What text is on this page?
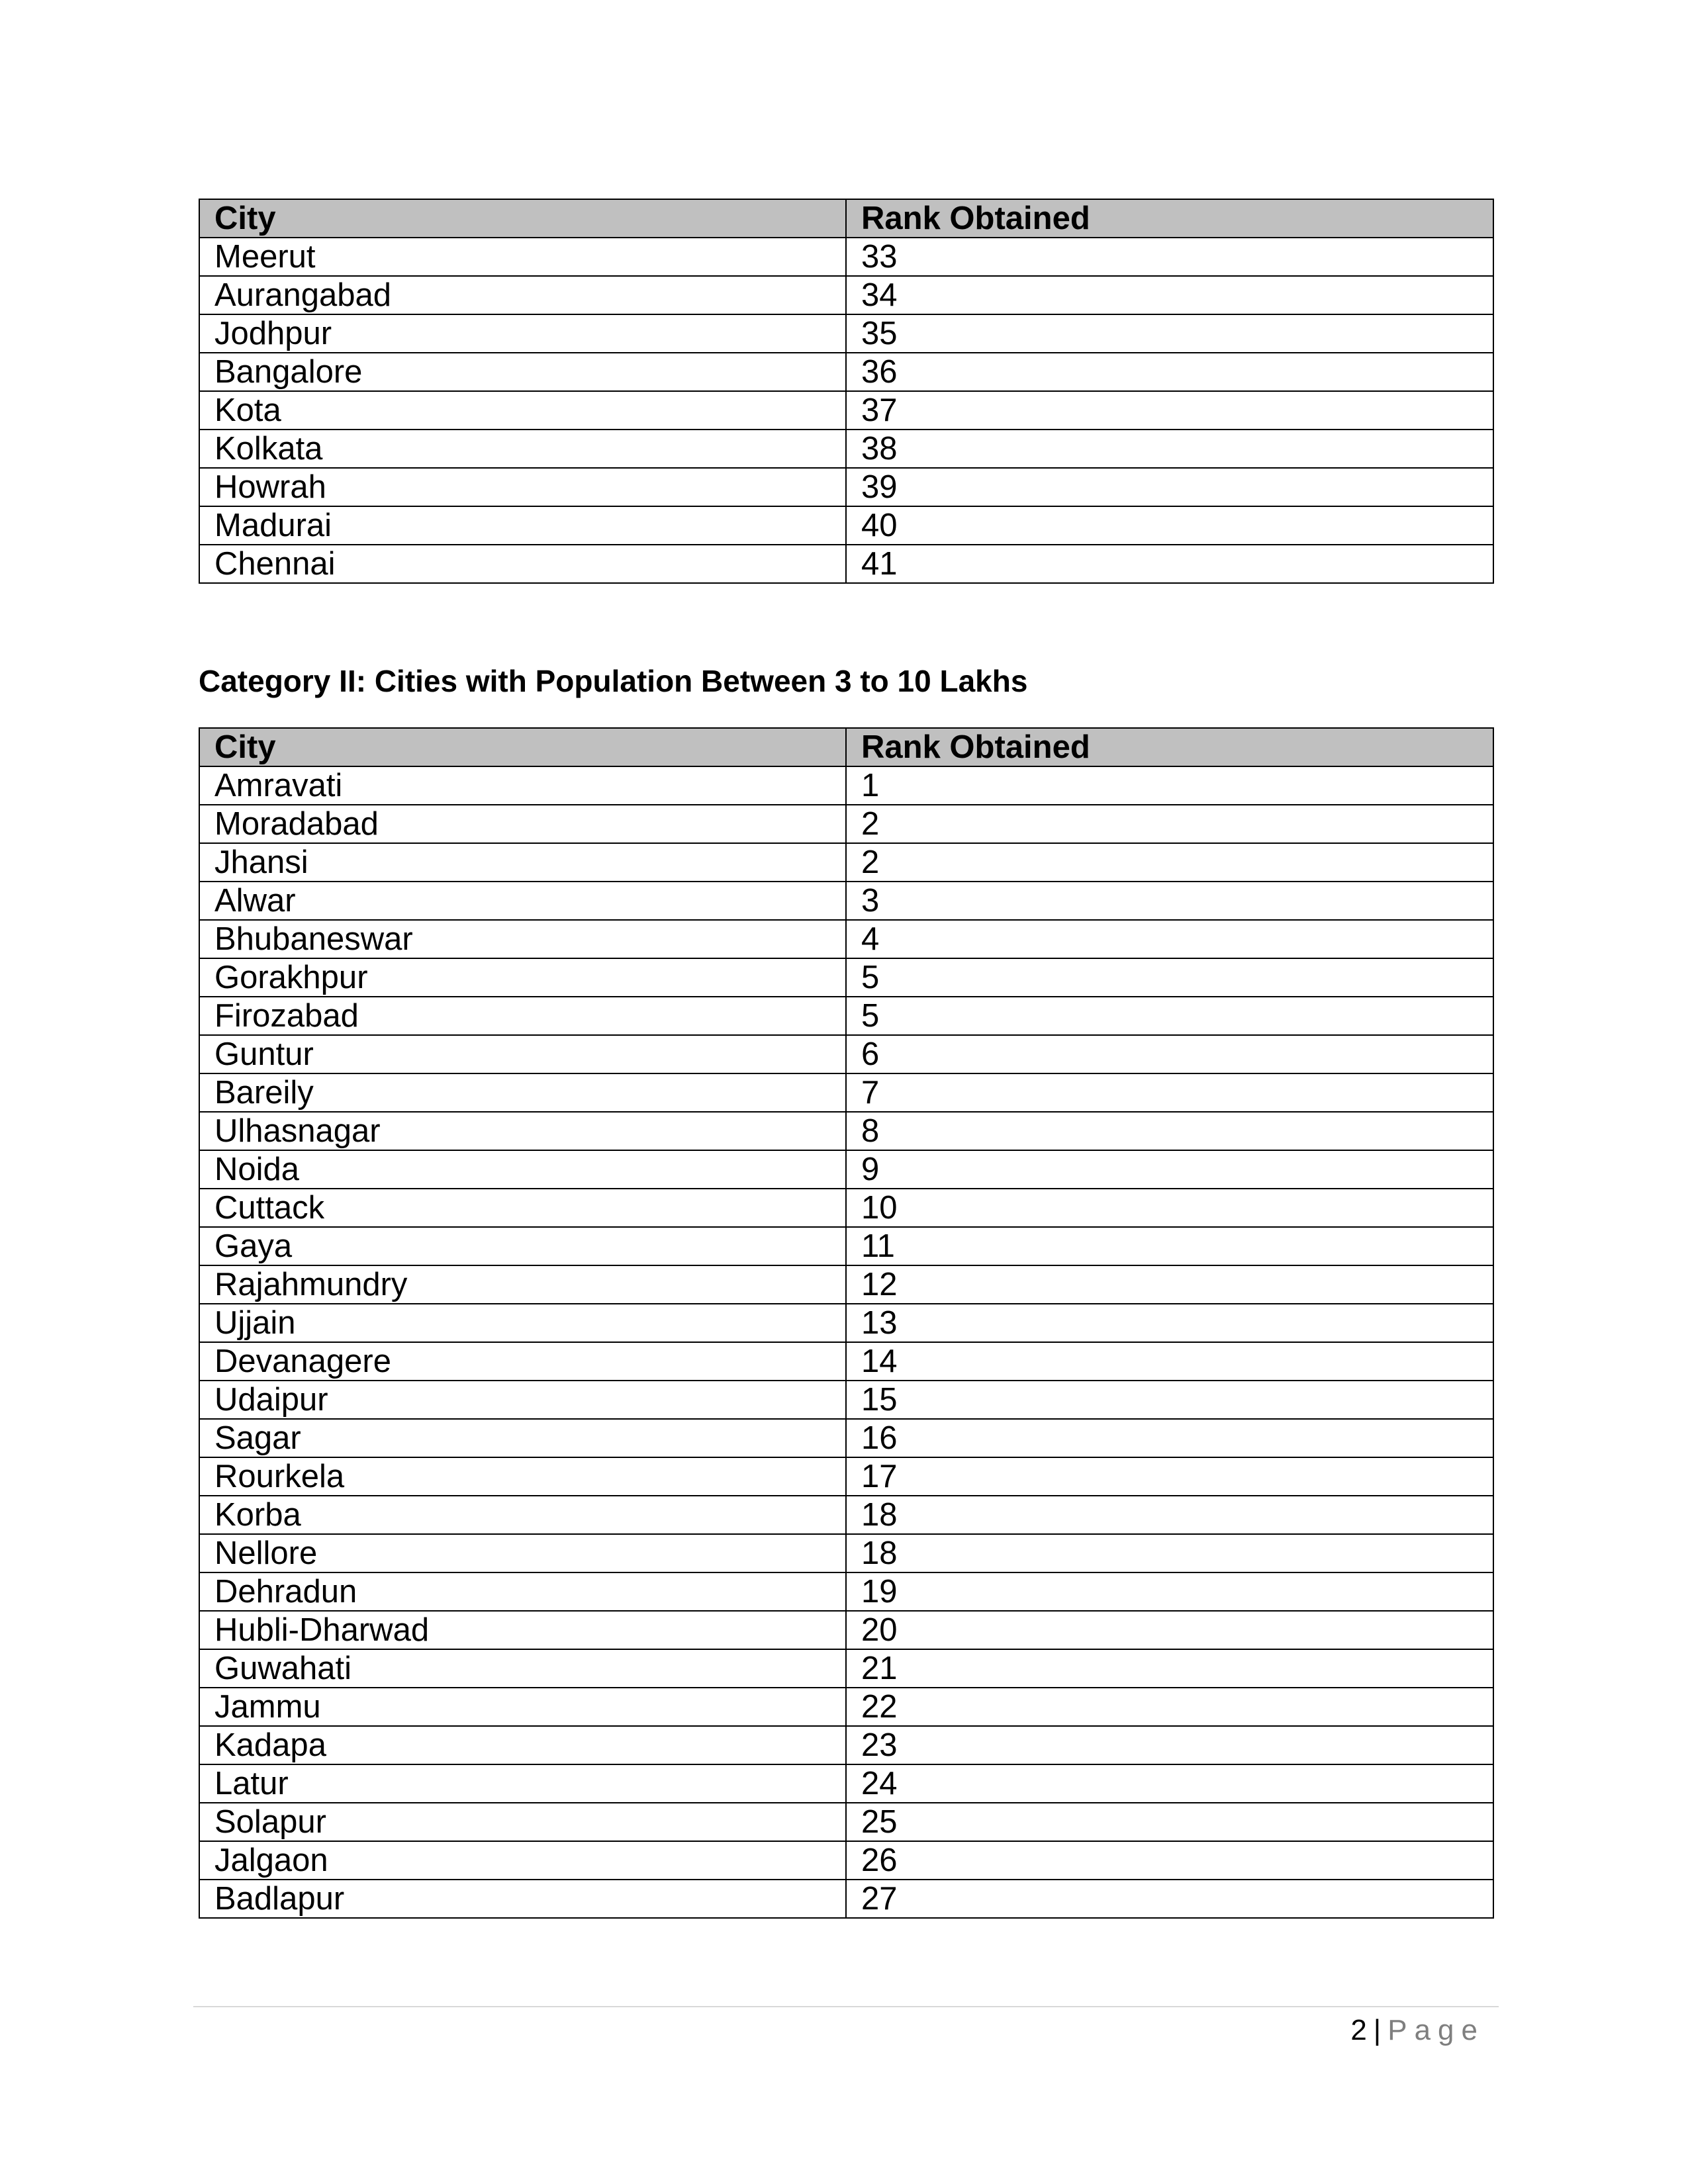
City	Rank Obtained
Meerut	33
Aurangabad	34
Jodhpur	35
Bangalore	36
Kota	37
Kolkata	38
Howrah	39
Madurai	40
Chennai	41
Category II: Cities with Population Between 3 to 10 Lakhs
City	Rank Obtained
Amravati	1
Moradabad	2
Jhansi	2
Alwar	3
Bhubaneswar	4
Gorakhpur	5
Firozabad	5
Guntur	6
Bareily	7
Ulhasnagar	8
Noida	9
Cuttack	10
Gaya	11
Rajahmundry	12
Ujjain	13
Devanagere	14
Udaipur	15
Sagar	16
Rourkela	17
Korba	18
Nellore	18
Dehradun	19
Hubli-Dharwad	20
Guwahati	21
Jammu	22
Kadapa	23
Latur	24
Solapur	25
Jalgaon	26
Badlapur	27
2 | Page
